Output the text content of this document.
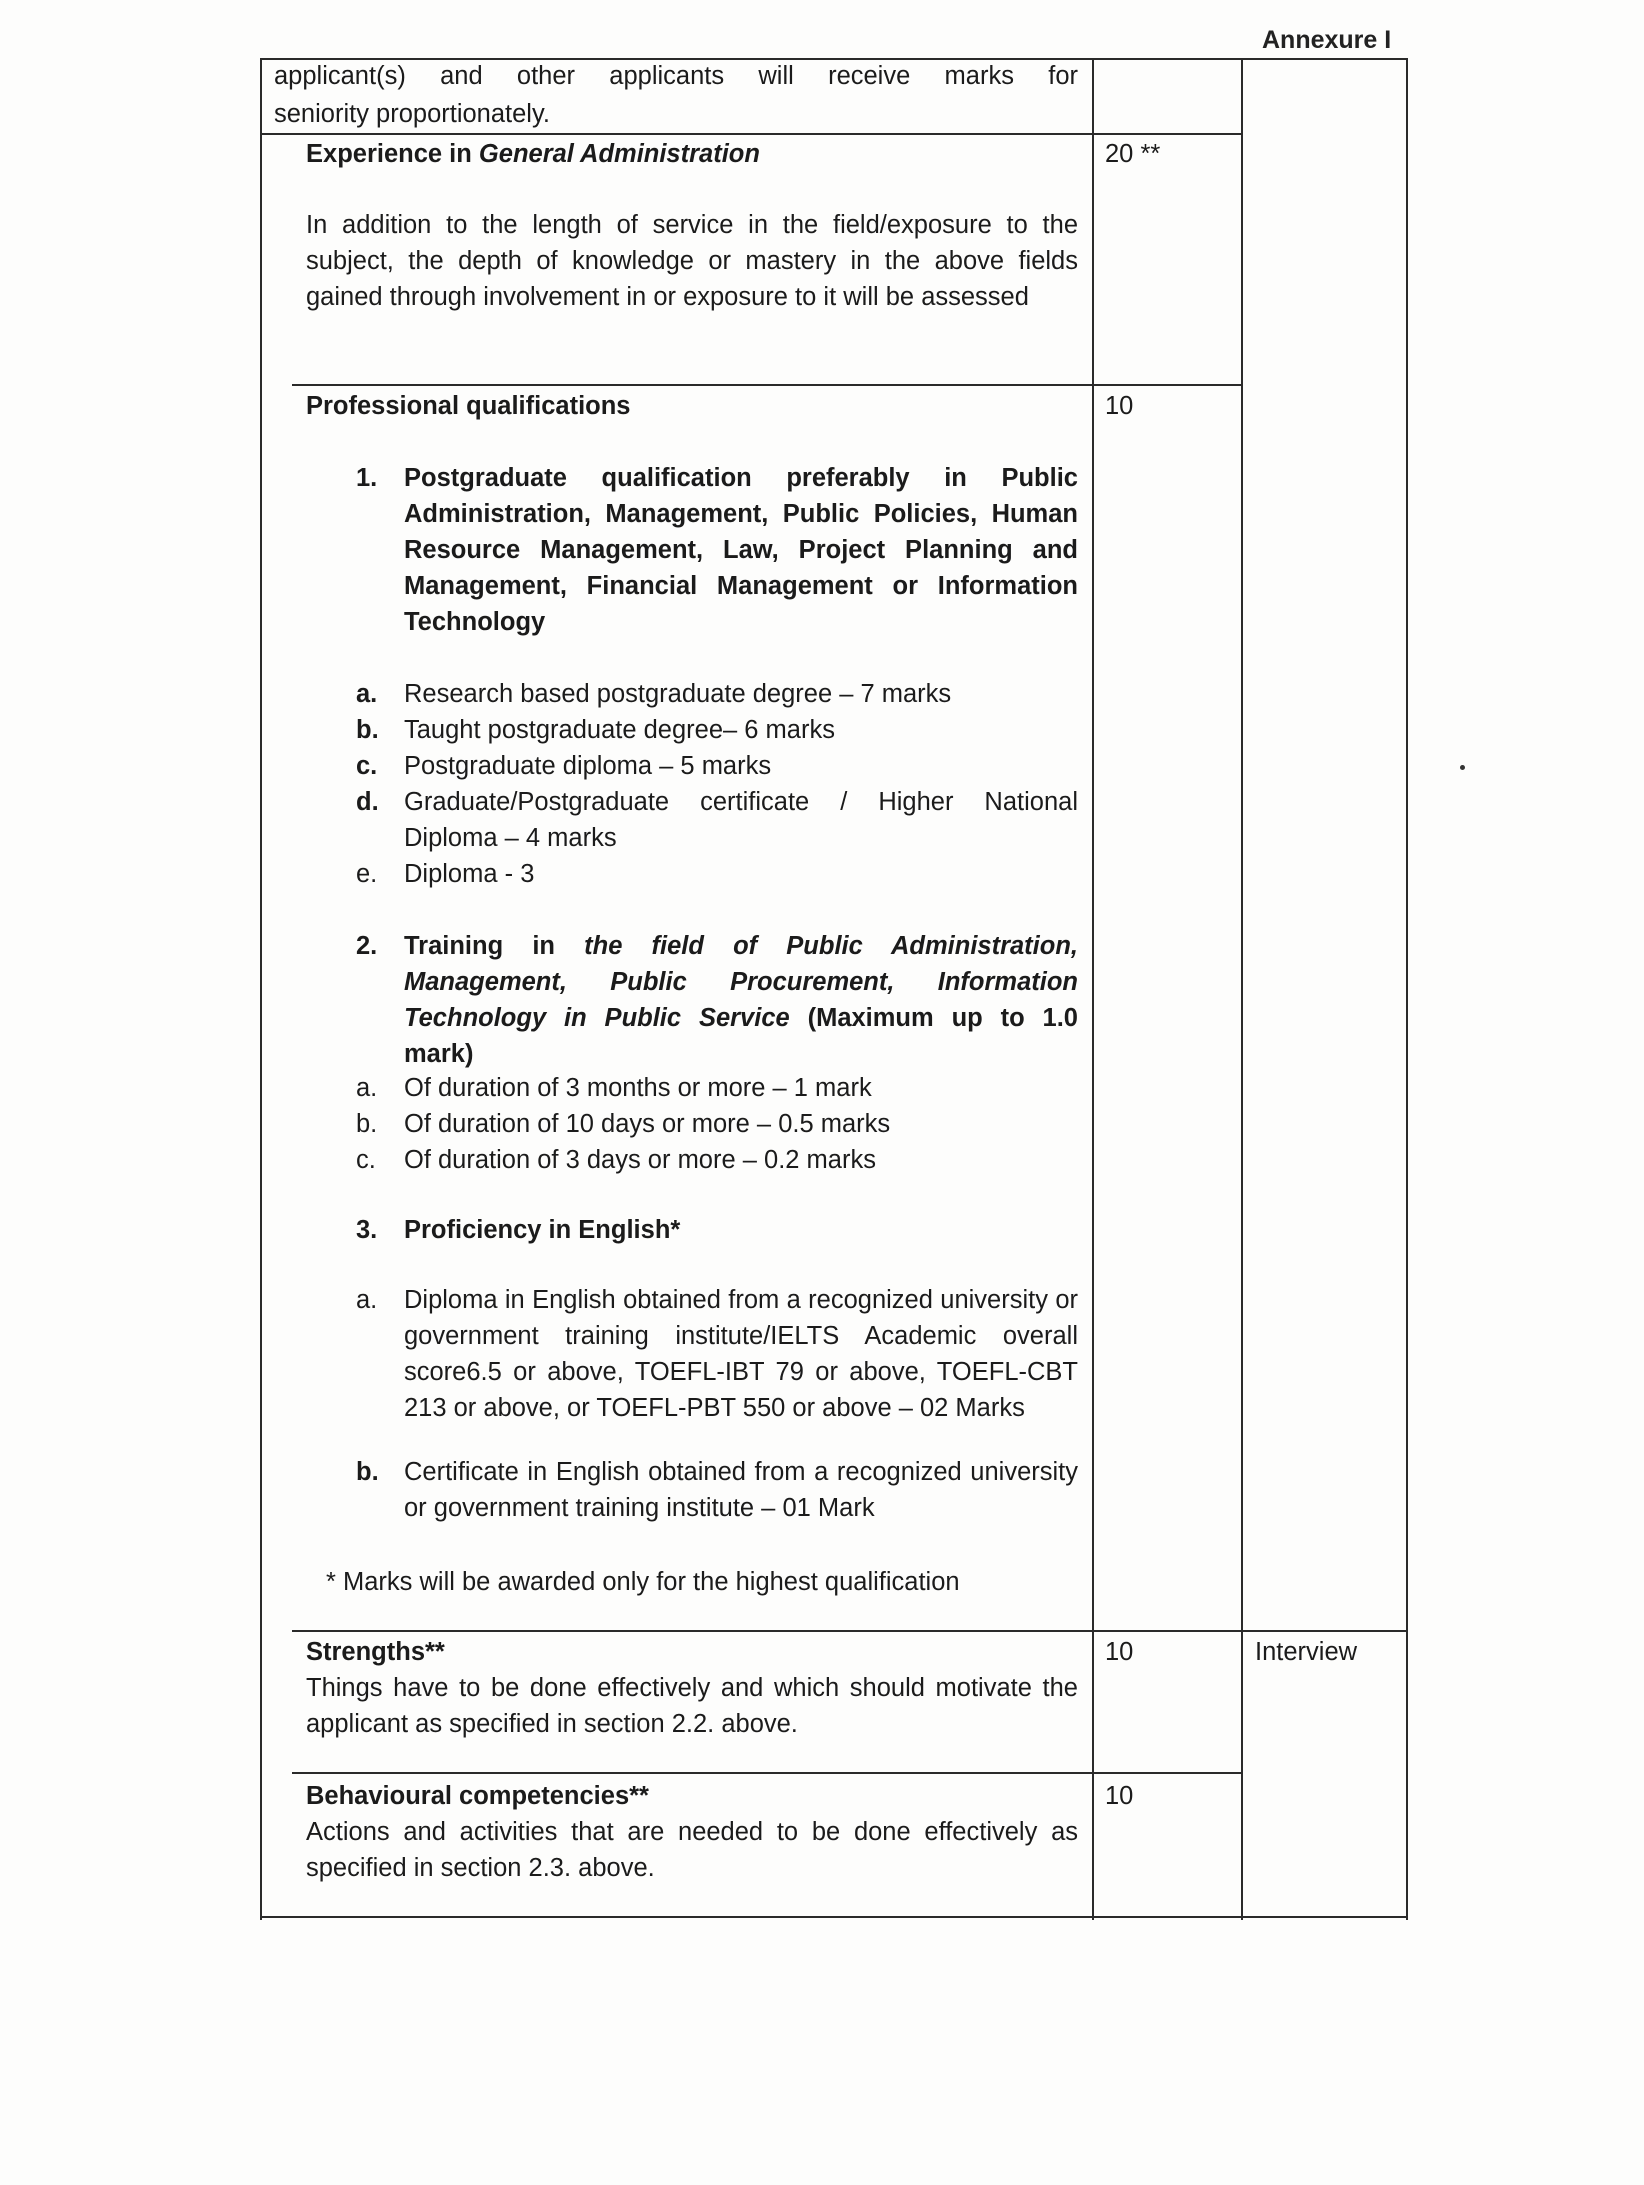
Annexure I
applicant(s) and other applicants will receive marks for
seniority proportionately.
Experience in General Administration	20 **
In addition to the length of service in the field/exposure to the subject, the depth of knowledge or mastery in the above fields gained through involvement in or exposure to it will be assessed
Professional qualifications	10
1.	Postgraduate qualification preferably in Public Administration, Management, Public Policies, Human Resource Management, Law, Project Planning and Management, Financial Management or Information Technology
a.	Research based postgraduate degree – 7 marks
b. Taught postgraduate degree– 6 marks
c.	Postgraduate diploma – 5 marks
d. Graduate/Postgraduate certificate / Higher National Diploma – 4 marks
e.	Diploma - 3
2.	Training in the field of Public Administration, Management, Public Procurement, Information Technology in Public Service (Maximum up to 1.0 mark)
a.	Of duration of 3 months or more – 1 mark
b.	Of duration of 10 days or more – 0.5 marks
c.	Of duration of 3 days or more – 0.2 marks
3.	Proficiency in English*
a.	Diploma in English obtained from a recognized university or government training institute/IELTS Academic overall score6.5 or above, TOEFL-IBT 79 or above, TOEFL-CBT 213 or above, or TOEFL-PBT 550 or above – 02 Marks
b. Certificate in English obtained from a recognized university or government training institute – 01 Mark
* Marks will be awarded only for the highest qualification
Strengths**	10	Interview
Things have to be done effectively and which should motivate the applicant as specified in section 2.2. above.
Behavioural competencies**	10
Actions and activities that are needed to be done effectively as specified in section 2.3. above.
